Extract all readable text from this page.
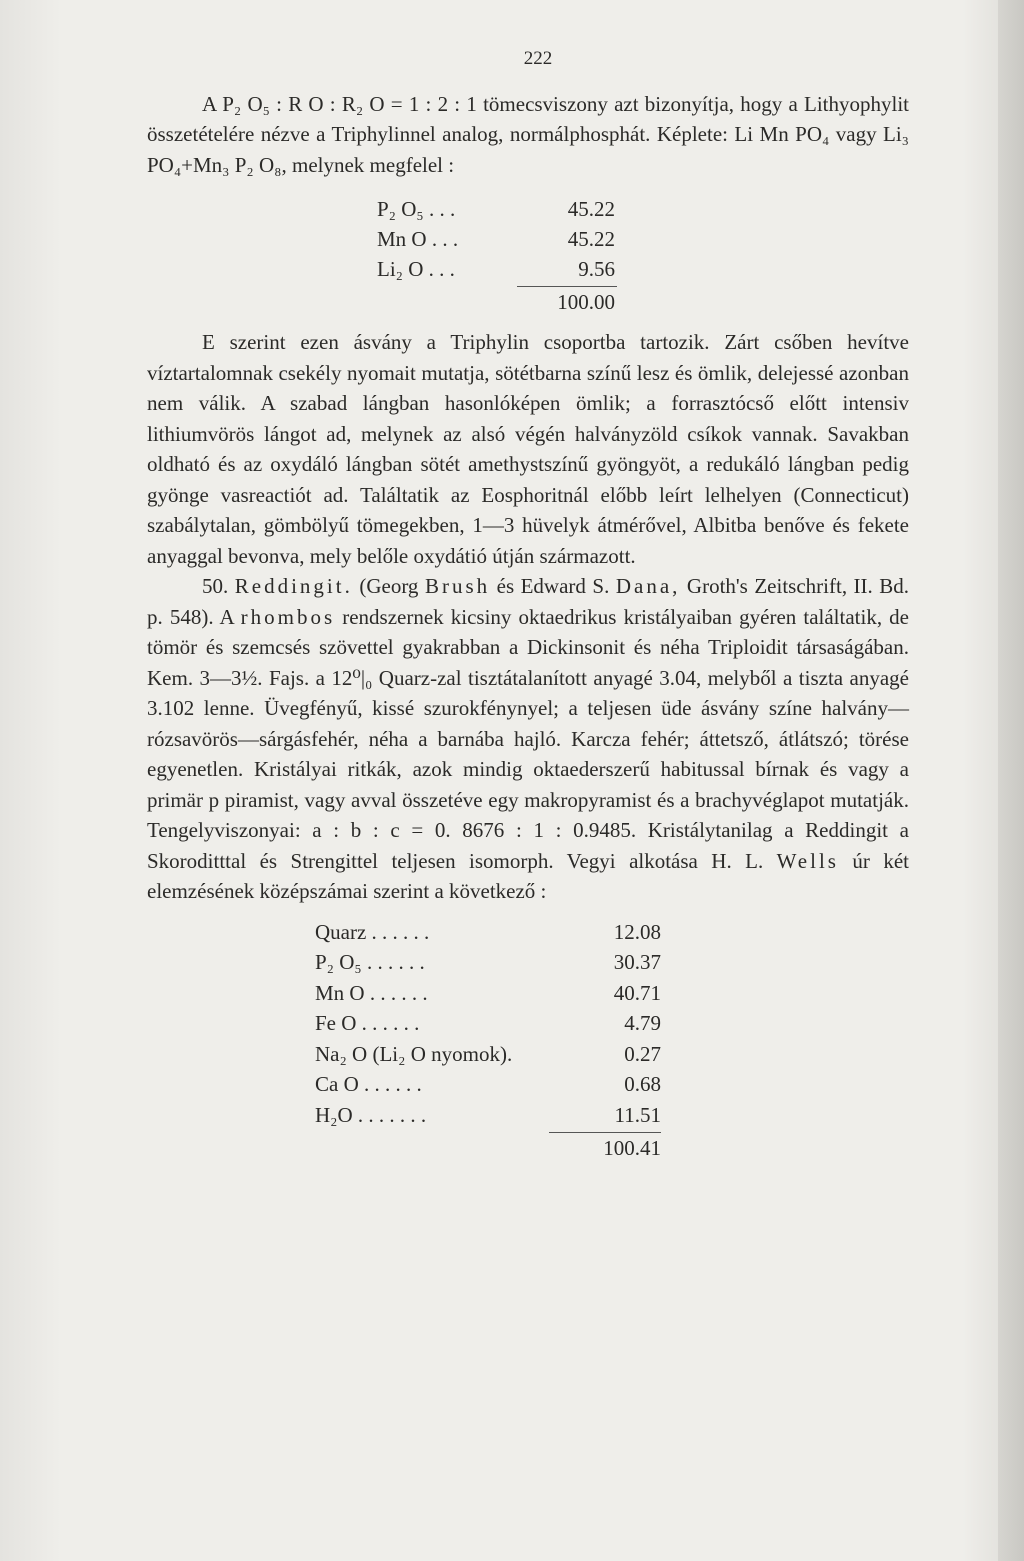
222

A P₂ O₅ : R O : R₂ O = 1 : 2 : 1 tömecsviszony azt bizonyítja, hogy a Lithyophylit összetételére nézve a Triphylinnel analog, normálphosphát. Képlete: Li Mn PO₄ vagy Li₃ PO₄+Mn₃ P₂ O₈, melynek megfelel :

P₂ O₅ . . .	45.22
Mn O . . .	45.22
Li₂ O . . .	9.56
100.00

E szerint ezen ásvány a Triphylin csoportba tartozik. Zárt csőben hevítve víztartalomnak csekély nyomait mutatja, sötétbarna színű lesz és ömlik, delejessé azonban nem válik. A szabad lángban hasonlóképen ömlik; a forrasztócső előtt intensiv lithiumvörös lángot ad, melynek az alsó végén halványzöld csíkok vannak. Savakban oldható és az oxydáló lángban sötét amethystszínű gyöngyöt, a redukáló lángban pedig gyönge vasreactiót ad. Találtatik az Eosphoritnál előbb leírt lelhelyen (Connecticut) szabálytalan, gömbölyű tömegekben, 1—3 hüvelyk átmérővel, Albitba benőve és fekete anyaggal bevonva, mely belőle oxydátió útján származott.

50. Reddingit. (Georg Brush és Edward S. Dana, Groth's Zeitschrift, II. Bd. p. 548). A rhombos rendszernek kicsiny oktaedrikus kristályaiban gyéren találtatik, de tömör és szemcsés szövettel gyakrabban a Dickinsonit és néha Triploidit társaságában. Kem. 3—3½. Fajs. a 12⁰|₀ Quarz-zal tisztátalanított anyagé 3.04, melyből a tiszta anyagé 3.102 lenne. Üvegfényű, kissé szurokfénynyel; a teljesen üde ásvány színe halvány—rózsavörös—sárgásfehér, néha a barnába hajló. Karcza fehér; áttetsző, átlátszó; törése egyenetlen. Kristályai ritkák, azok mindig oktaederszerű habitussal bírnak és vagy a primär p piramist, vagy avval összetéve egy makropyramist és a brachyvéglapot mutatják. Tengelyviszonyai: a : b : c = 0. 8676 : 1 : 0.9485. Kristálytanilag a Reddingit a Skoroditttal és Strengittel teljesen isomorph. Vegyi alkotása H. L. Wells úr két elemzésének középszámai szerint a következő :

Quarz . . . . . .	12.08
P₂ O₅ . . . . . .	30.37
Mn O . . . . . .	40.71
Fe O . . . . . .	4.79
Na₂ O (Li₂ O nyomok).	0.27
Ca O . . . . . .	0.68
H₂O . . . . . . .	11.51
100.41
